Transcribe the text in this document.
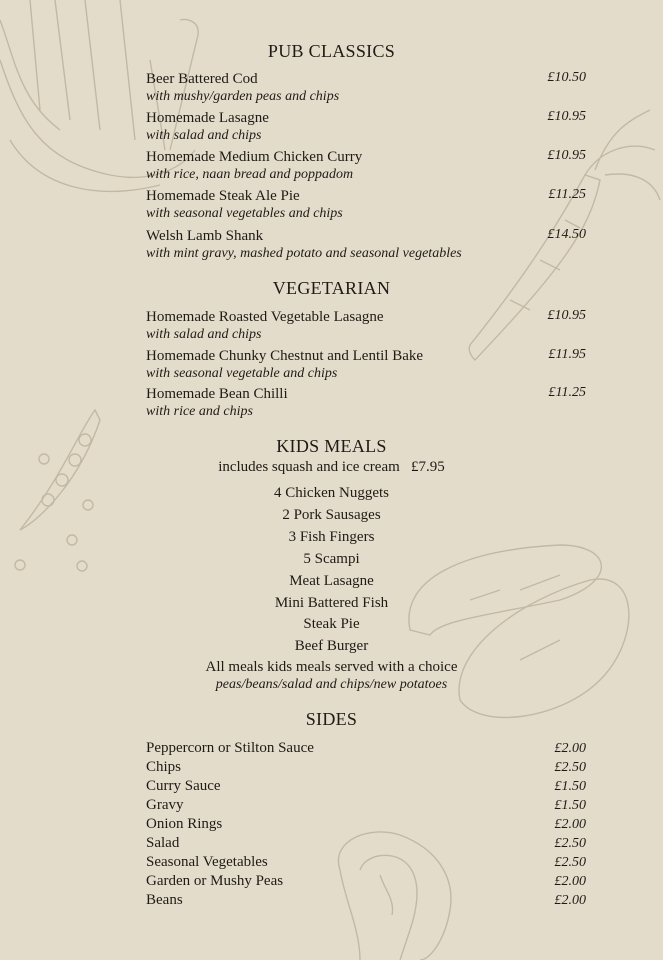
PUB CLASSICS
Beer Battered Cod
with mushy/garden peas and chips
£10.50
Homemade Lasagne
with salad and chips
£10.95
Homemade Medium Chicken Curry
with rice, naan bread and poppadom
£10.95
Homemade Steak Ale Pie
with seasonal vegetables and chips
£11.25
Welsh Lamb Shank
with mint gravy, mashed potato and seasonal vegetables
£14.50
VEGETARIAN
Homemade Roasted Vegetable Lasagne
with salad and chips
£10.95
Homemade Chunky Chestnut and Lentil Bake
with seasonal vegetable and chips
£11.95
Homemade Bean Chilli
with rice and chips
£11.25
KIDS MEALS
includes squash and ice cream £7.95
4 Chicken Nuggets
2 Pork Sausages
3 Fish Fingers
5 Scampi
Meat Lasagne
Mini Battered Fish
Steak Pie
Beef Burger
All meals kids meals served with a choice
peas/beans/salad and chips/new potatoes
SIDES
Peppercorn or Stilton Sauce	£2.00
Chips	£2.50
Curry Sauce	£1.50
Gravy	£1.50
Onion Rings	£2.00
Salad	£2.50
Seasonal Vegetables	£2.50
Garden or Mushy Peas	£2.00
Beans	£2.00
